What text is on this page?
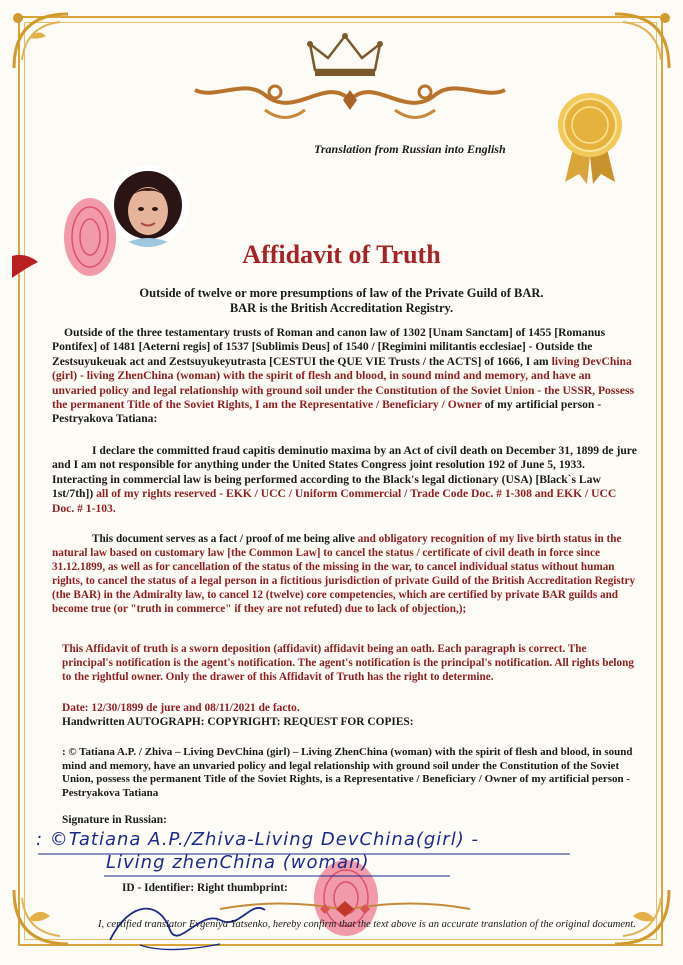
Translation from Russian into English
Affidavit of Truth
Outside of twelve or more presumptions of law of the Private Guild of BAR.
BAR is the British Accreditation Registry.
Outside of the three testamentary trusts of Roman and canon law of 1302 [Unam Sanctam] of 1455 [Romanus Pontifex] of 1481 [Aeterni regis] of 1537 [Sublimis Deus] of 1540 / [Regimini militantis ecclesiae] - Outside the Zestsuyukeuak act and Zestsuyukeyutrasta [CESTUI the QUE VIE Trusts / the ACTS] of 1666, I am living DevChina (girl) - living ZhenChina (woman) with the spirit of flesh and blood, in sound mind and memory, and have an unvaried policy and legal relationship with ground soil under the Constitution of the Soviet Union - the USSR, Possess the permanent Title of the Soviet Rights, I am the Representative / Beneficiary / Owner of my artificial person - Pestryakova Tatiana:
I declare the committed fraud capitis deminutio maxima by an Act of civil death on December 31, 1899 de jure and I am not responsible for anything under the United States Congress joint resolution 192 of June 5, 1933. Interacting in commercial law is being performed according to the Black's legal dictionary (USA) [Black`s Law 1st/7th]) all of my rights reserved - EKK / UCC / Uniform Commercial / Trade Code Doc. # 1-308 and EKK / UCC Doc. # 1-103.
This document serves as a fact / proof of me being alive and obligatory recognition of my live birth status in the natural law based on customary law [the Common Law] to cancel the status / certificate of civil death in force since 31.12.1899, as well as for cancellation of the status of the missing in the war, to cancel individual status without human rights, to cancel the status of a legal person in a fictitious jurisdiction of private Guild of the British Accreditation Registry (the BAR) in the Admiralty law, to cancel 12 (twelve) core competencies, which are certified by private BAR guilds and become true (or "truth in commerce" if they are not refuted) due to lack of objection,);
This Affidavit of truth is a sworn deposition (affidavit) affidavit being an oath. Each paragraph is correct. The principal's notification is the agent's notification. The agent's notification is the principal's notification. All rights belong to the rightful owner. Only the drawer of this Affidavit of Truth has the right to determine.
Date: 12/30/1899 de jure and 08/11/2021 de facto.
Handwritten AUTOGRAPH: COPYRIGHT: REQUEST FOR COPIES:
: © Tatiana A.P. / Zhiva – Living DevChina (girl) – Living ZhenChina (woman) with the spirit of flesh and blood, in sound mind and memory, have an unvaried policy and legal relationship with ground soil under the Constitution of the Soviet Union, possess the permanent Title of the Soviet Rights, is a Representative / Beneficiary / Owner of my artificial person - Pestryakova Tatiana
Signature in Russian:
: ©Tatiana A.P./Zhiva-Living DevChina(girl) -
Living zhenChina (woman)
ID - Identifier: Right thumbprint:
I, certified translator Evgeniya Yatsenko, hereby confirm that the text above is an accurate translation of the original document.
